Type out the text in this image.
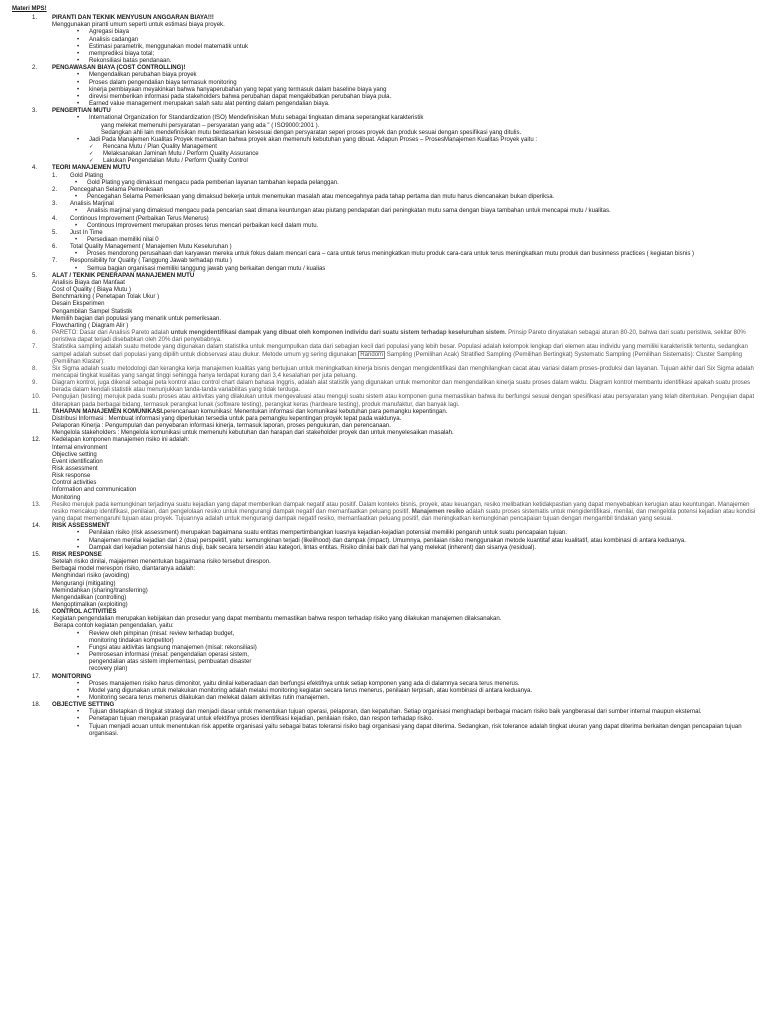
Materi MPS!
1.	PIRANTI DAN TEKNIK MENYUSUN ANGGARAN BIAYA!!!
Menggunakan piranti umum seperti untuk estimasi biaya proyek.
• Agregasi biaya
• Analisis cadangan
• Estimasi parametrik, menggunakan model matematik untuk
• memprediksi biaya total;
• Rekonsiliasi batas pendanaan.
2.	PENGAWASAN BIAYA (COST CONTROLLING)!
• Mengendalikan perubahan biaya proyek
• Proses dalam pengendalian biaya termasuk monitoring
• kinerja pembiayaan meyakinkan bahwa hanyaperubahan yang tepat yang termasuk dalam baseline biaya yang
• direvisi memberikan informasi pada stakeholders bahwa perubahan dapat mengakibatkan perubahan biaya pula.
• Earned value management merupakan salah satu alat penting dalam pengendalian biaya.
3.	PENGERTIAN MUTU
• International Organization for Standardization (ISO) Mendefinisikan Mutu sebagai tingkatan dimana seperangkat karakteristik
yang melekat memenuhi persyaratan – persyaratan yang ada " ( ISO9000:2001 ).
Sedangkan ahli lain mendefinisikan mutu berdasarkan kesesuai dengan persyaratan seperi proses proyek dan produk sesuai dengan spesifikasi yang ditulis.
• Jadi Pada Manajemen Kualitas Proyek memastikan bahwa proyek akan memenuhi kebutuhan yang dibuat. Adapun Proses – ProsesManajemen Kualitas Proyek yaitu :
✓ Rencana Mutu / Plan Quality Management
✓ Melaksanakan Jaminan Mutu / Perform Quality Assurance
✓ Lakukan Pengendalian Mutu / Perform Quality Control
4.	TEORI MANAJEMEN MUTU
1.	Gold Plating
• Gold Plating yang dimaksud mengacu pada pemberian layanan tambahan kepada pelanggan.
2.	Pencegahan Selama Pemeriksaan
• Pencegahan Selama Pemeriksaan yang dimaksud bekerja untuk menemukan masalah atau mencegahnya pada tahap pertama dan mutu harus diencanakan bukan diperiksa.
3.	Analisis Marjinal
• Analisis marjinal yang dimaksud mengacu pada pencarian saat dimana keuntungan atau piutang pendapatan dari peningkatan mutu sama dengan biaya tambahan untuk mencapai mutu / kualitas.
4.	Continous Improvement (Perbaikan Terus Menerus)
• Continous Improvement merupakan proses terus mencari perbaikan kecil dalam mutu.
5.	Just In Time
• Persediaan memiliki nilai 0
6.	Total Quality Management ( Manajemen Mutu Keseluruhan )
• Proses mendorong perusahaan dan karyawan mereka untuk fokus dalam mencari cara – cara untuk terus meningkatkan mutu produk cara-cara untuk terus meningkatkan mutu produk dan businness practices ( kegiatan bisnis )
7.	Responsibility for Quality ( Tanggung Jawab terhadap mutu )
• Semua bagian organisasi memiliki tanggung jawab yang berkaitan dengan mutu / kualias
5.	ALAT / TEKNIK PENERAPAN MANAJEMEN MUTU
Analisis Biaya dan Manfaat
Cost of Quality ( Biaya Mutu )
Benchmarking ( Penetapan Tolak Ukur )
Desain Eksperimen
Pengambilan Sampel Statistik
Memilih bagian dari populasi yang menarik untuk pemeriksaan.
Flowcharting ( Diagram Alir )
6.	PARETO: Dasar dari Analisis Pareto adalah untuk mengidentifikasi dampak yang dibuat oleh komponen individu dari suatu sistem terhadap keseluruhan sistem. Prinsip Pareto dinyatakan sebagai aturan 80-20, bahwa dari suatu peristiwa, sekitar 80% peristiwa dapat terjadi disebabkan oleh 20% dari penyebabnya.
7.	Statistika sampling adalah suatu metode yang digunakan dalam statistika untuk mengumpulkan data dari sebagian kecil dari populasi yang lebih besar. Populasi adalah kelompok lengkap dari elemen atau individu yang memiliki karakteristik tertentu, sedangkan sampel adalah subset dari populasi yang dipilih untuk diobservasi atau diukur. Metode umum yg sering digunakan Random Sampling (Pemilihan Acak) Stratified Sampling (Pemilihan Bertingkat) Systematic Sampling (Pemilihan Sistematis): Cluster Sampling (Pemilihan Klaster):
8.	Six Sigma adalah suatu metodologi dan kerangka kerja manajemen kualitas yang bertujuan untuk meningkatkan kinerja bisnis dengan mengidentifikasi dan menghilangkan cacat atau variasi dalam proses-produksi dan layanan. Tujuan akhir dari Six Sigma adalah mencapai tingkat kualitas yang sangat tinggi sehingga hanya terdapat kurang dari 3,4 kesalahan per juta peluang.
9.	Diagram kontrol, juga dikenal sebagai peta kontrol atau control chart dalam bahasa Inggris, adalah alat statistik yang digunakan untuk memonitor dan mengendalikan kinerja suatu proses dalam waktu. Diagram kontrol membantu identifikasi apakah suatu proses berada dalam kendali statistik atau menunjukkan tanda-tanda variabilitas yang tidak terduga.
10.	Pengujian (testing) merujuk pada suatu proses atau aktivitas yang dilakukan untuk mengevaluasi atau menguji suatu sistem atau komponen guna memastikan bahwa itu berfungsi sesuai dengan spesifikasi atau persyaratan yang telah ditentukan. Pengujian dapat diterapkan pada berbagai bidang, termasuk perangkat lunak (software testing), perangkat keras (hardware testing), produk manufaktur, dan banyak lagi.
11.	TAHAPAN MANAJEMEN KOMUNIKASI.perencanaan komunikasi: Menentukan informasi dan komunikasi kebutuhan para pemangku kepentingan.
Distribusi Informasi : Membuat informasi yang diperlukan tersedia untuk para pemangku kepentingan proyek tepat pada waktunya.
Pelaporan Kinerja : Pengumpulan dan penyebaran informasi kinerja, termasuk laporan, proses pengukuran, dan perencanaan.
Mengelola stakeholders : Mengelola komunikasi untuk memenuhi kebutuhan dan harapan dari stakeholder proyek dan untuk menyelesaikan masalah.
12.	Kedelapan komponen manajemen risiko ini adalah:
Internal environment
Objective setting
Event identification
Risk assessment
Risk response
Control activities
Information and communication
Monitoring
13.	Resiko merujuk pada kemungkinan terjadinya suatu kejadian yang dapat memberikan dampak negatif atau positif. Dalam konteks bisnis, proyek, atau keuangan, resiko melibatkan ketidakpastian yang dapat menyebabkan kerugian atau keuntungan. Manajemen resiko mencakup identifikasi, penilaian, dan pengelolaan resiko untuk mengurangi dampak negatif dan memanfaatkan peluang positif. Manajemen resiko adalah suatu proses sistematis untuk mengidentifikasi, menilai, dan mengelola potensi kejadian atau kondisi yang dapat memengaruhi tujuan atau proyek. Tujuannya adalah untuk mengurangi dampak negatif resiko, memanfaatkan peluang positif, dan meningkatkan kemungkinan pencapaian tujuan dengan mengambil tindakan yang sesuai.
14.	RISK ASSESSMENT
• Penilaian risiko (risk assessment) merupakan bagaimana suatu entitas mempertimbangkan luasnya kejadian-kejadian potensial memiliki pengaruh untuk suatu pencapaian tujuan.
• Manajemen menilai kejadian dari 2 (dua) perspektif, yaitu: kemungkinan terjadi (likelihood) dan dampak (impact). Umumnya, penilaian risiko menggunakan metode kuantitaf atau kualitatif, atau kombinasi di antara keduanya.
• Dampak dari kejadian potensial harus diuji, baik secara tersendiri atau kategori, lintas entitas. Risiko dinilai baik dari hal yang melekat (inherent) dan sisanya (residual).
15.	RISK RESPONSE
Setelah risiko dinilai, majajemen menentukan bagaimana risiko tersebut direspon.
Berbagai model merespon risiko, diantaranya adalah:
Menghindari risiko (avoiding)
Mengurangi (mitigating)
Memindahkan (sharing/transferring)
Mengendalikan (controlling)
Mengoptimalkan (exploiting)
16.	CONTROL ACTIVITIES
Kegiatan pengendalian merupakan kebijakan dan prosedur yang dapat membantu memastikan bahwa respon terhadap risiko yang dilakukan manajemen dilaksanakan.
Berapa contoh kegiatan pengendalian, yaitu:
• Review oleh pimpinan (misal: review terhadap budget,
monitoring tindakan kompetitor)
• Fungsi atau aktivitas langsung manajemen (misal: rekonsiliasi)
• Pemrosesan informasi (misal: pengendalian operasi sistem,
pengendalian atas sistem implementasi, pembuatan disaster
recovery plan)
17.	MONITORING
• Proses manajemen risiko harus dimonitor, yaitu dinilai keberadaan dan berfungsi efektifnya untuk setiap komponen yang ada di dalamnya secara terus menerus.
• Model yang digunakan untuk melakukan monitoring adalah melalui monitoring kegiatan secara terus menerus, penilaian terpisah, atau kombinasi di antara keduanya.
• Monitoring secara terus menerus dilakukan dan melekat dalam aktivitas rutin manajemen.
18.	OBJECTIVE SETTING
• Tujuan ditetapkan di tingkat strategi dan menjadi dasar untuk menentukan tujuan operasi, pelaporan, dan kepatuhan. Setiap organisasi menghadapi berbagai macam risiko baik yangberasal dari sumber internal maupun eksternal.
• Penetapan tujuan merupakan prasyarat untuk efektifnya proses identifikasi kejadian, penilaian risiko, dan respon terhadap risiko.
• Tujuan menjadi acuan untuk menentukan risk appetite organisasi yaitu sebagai batas toleransi risiko bagi organisasi yang dapat diterima. Sedangkan, risk tolerance adalah tingkat ukuran yang dapat diterima berkaitan dengan pencapaian tujuan organisasi.
